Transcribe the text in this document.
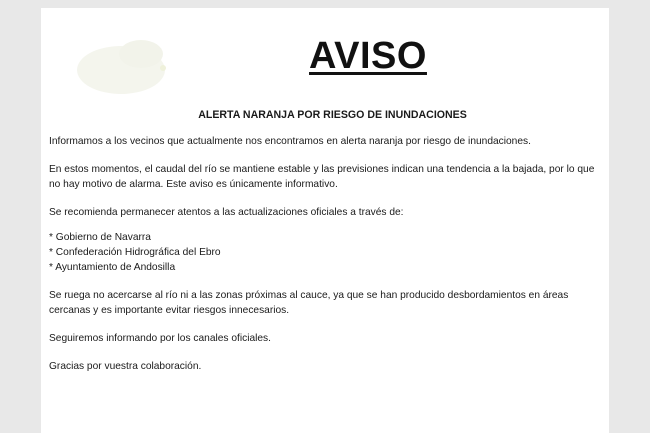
AVISO
ALERTA NARANJA POR RIESGO DE INUNDACIONES

Informamos a los vecinos que actualmente nos encontramos en alerta naranja por riesgo de inundaciones.

En estos momentos, el caudal del río se mantiene estable y las previsiones indican una tendencia a la bajada, por lo que no hay motivo de alarma. Este aviso es únicamente informativo.

Se recomienda permanecer atentos a las actualizaciones oficiales a través de:

* Gobierno de Navarra
* Confederación Hidrográfica del Ebro
* Ayuntamiento de Andosilla

Se ruega no acercarse al río ni a las zonas próximas al cauce, ya que se han producido desbordamientos en áreas cercanas y es importante evitar riesgos innecesarios.

Seguiremos informando por los canales oficiales.

Gracias por vuestra colaboración.
